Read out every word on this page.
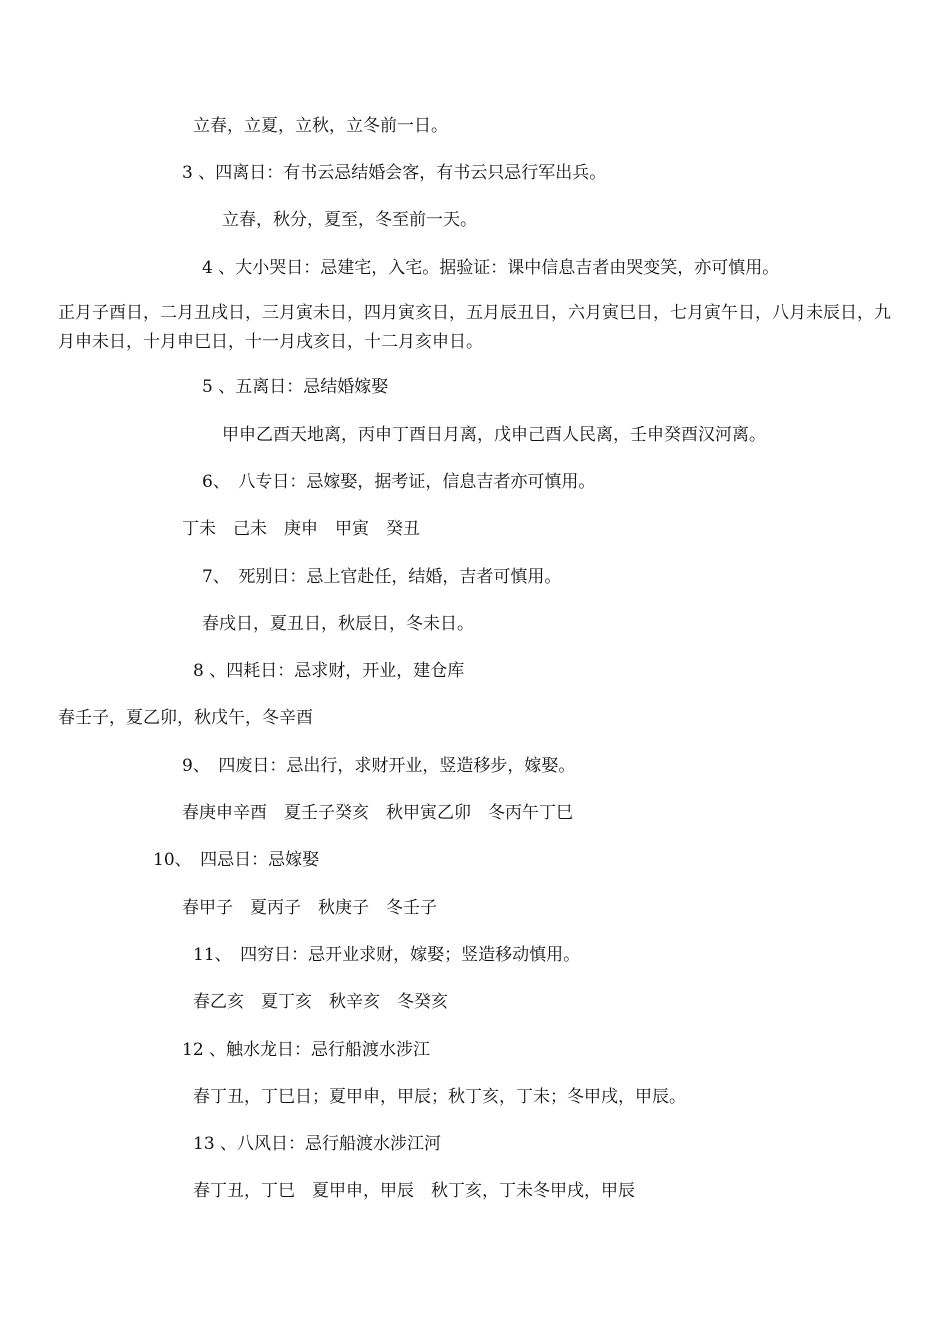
立春，立夏，立秋，立冬前一日。
3 、四离日：有书云忌结婚会客，有书云只忌行军出兵。
立春，秋分，夏至，冬至前一天。
4 、大小哭日：忌建宅，入宅。据验证：课中信息吉者由哭变笑，亦可慎用。
正月子酉日，二月丑戌日，三月寅未日，四月寅亥日，五月辰丑日，六月寅巳日，七月寅午日，八月未辰日，九月申未日，十月申巳日，十一月戌亥日，十二月亥申日。
5 、五离日：忌结婚嫁娶
甲申乙酉天地离，丙申丁酉日月离，戊申己酉人民离，壬申癸酉汉河离。
6、　八专日：忌嫁娶，据考证，信息吉者亦可慎用。
丁未　己未　庚申　甲寅　癸丑
7、　死别日：忌上官赴任，结婚，吉者可慎用。
春戌日，夏丑日，秋辰日，冬未日。
8 、四耗日：忌求财，开业，建仓库
春壬子，夏乙卯，秋戊午，冬辛酉
9、　四废日：忌出行，求财开业，竖造移步，嫁娶。
春庚申辛酉　夏壬子癸亥　秋甲寅乙卯　冬丙午丁巳
10、　四忌日：忌嫁娶
春甲子　夏丙子　秋庚子　冬壬子
11、　四穷日：忌开业求财，嫁娶；竖造移动慎用。
春乙亥　夏丁亥　秋辛亥　冬癸亥
12 、触水龙日：忌行船渡水涉江
春丁丑，丁巳日；夏甲申，甲辰；秋丁亥，丁未；冬甲戌，甲辰。
13 、八风日：忌行船渡水涉江河
春丁丑，丁巳　夏甲申，甲辰　秋丁亥，丁未冬甲戌，甲辰
